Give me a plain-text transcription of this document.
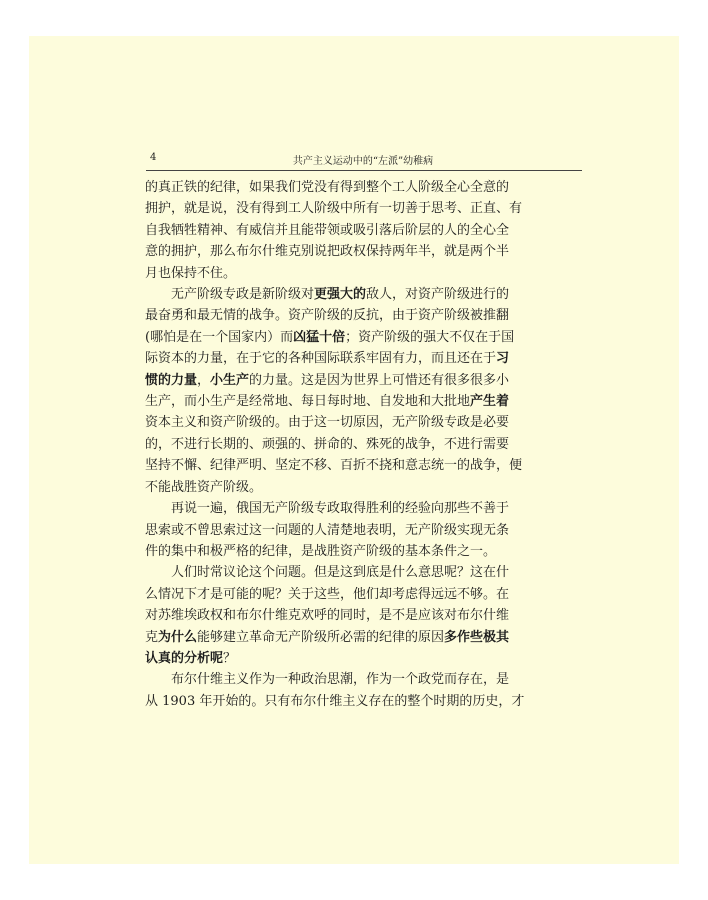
4	共产主义运动中的“左派”幼稚病
的真正铁的纪律，如果我们党没有得到整个工人阶级全心全意的
拥护，就是说，没有得到工人阶级中所有一切善于思考、正直、有
自我牺牲精神、有威信并且能带领或吸引落后阶层的人的全心全
意的拥护，那么布尔什维克别说把政权保持两年半，就是两个半
月也保持不住。
无产阶级专政是新阶级对 更强大的 敌人，对资产阶级进行的
最奋勇和最无情的战争。资产阶级的反抗，由于资产阶级被推翻
(哪怕是在一个国家内）而 凶猛十倍 ；资产阶级的强大不仅在于国
际资本的力量，在于它的各种国际联系牢固有力，而且还在于 习
惯的力量 ， 小生产 的力量。这是因为世界上可惜还有很多很多小
生产，而小生产是经常地、每日每时地、自发地和大批地 产生着
资本主义和资产阶级的。由于这一切原因，无产阶级专政是必要
的，不进行长期的、顽强的、拼命的、殊死的战争，不进行需要
坚持不懈、纪律严明、坚定不移、百折不挠和意志统一的战争，便
不能战胜资产阶级。
再说一遍，俄国无产阶级专政取得胜利的经验向那些不善于
思索或不曾思索过这一问题的人清楚地表明，无产阶级实现无条
件的集中和极严格的纪律，是战胜资产阶级的基本条件之一。
人们时常议论这个问题。但是这到底是什么意思呢？这在什
么情况下才是可能的呢？关于这些，他们却考虑得远远不够。在
对苏维埃政权和布尔什维克欢呼的同时，是不是应该对布尔什维
克 为什么 能够建立革命无产阶级所必需的纪律的原因 多作些极其
认真的分析呢 ？
布尔什维主义作为一种政治思潮，作为一个政党而存在，是
从 1903 年开始的。只有布尔什维主义存在的整个时期的历史，才
